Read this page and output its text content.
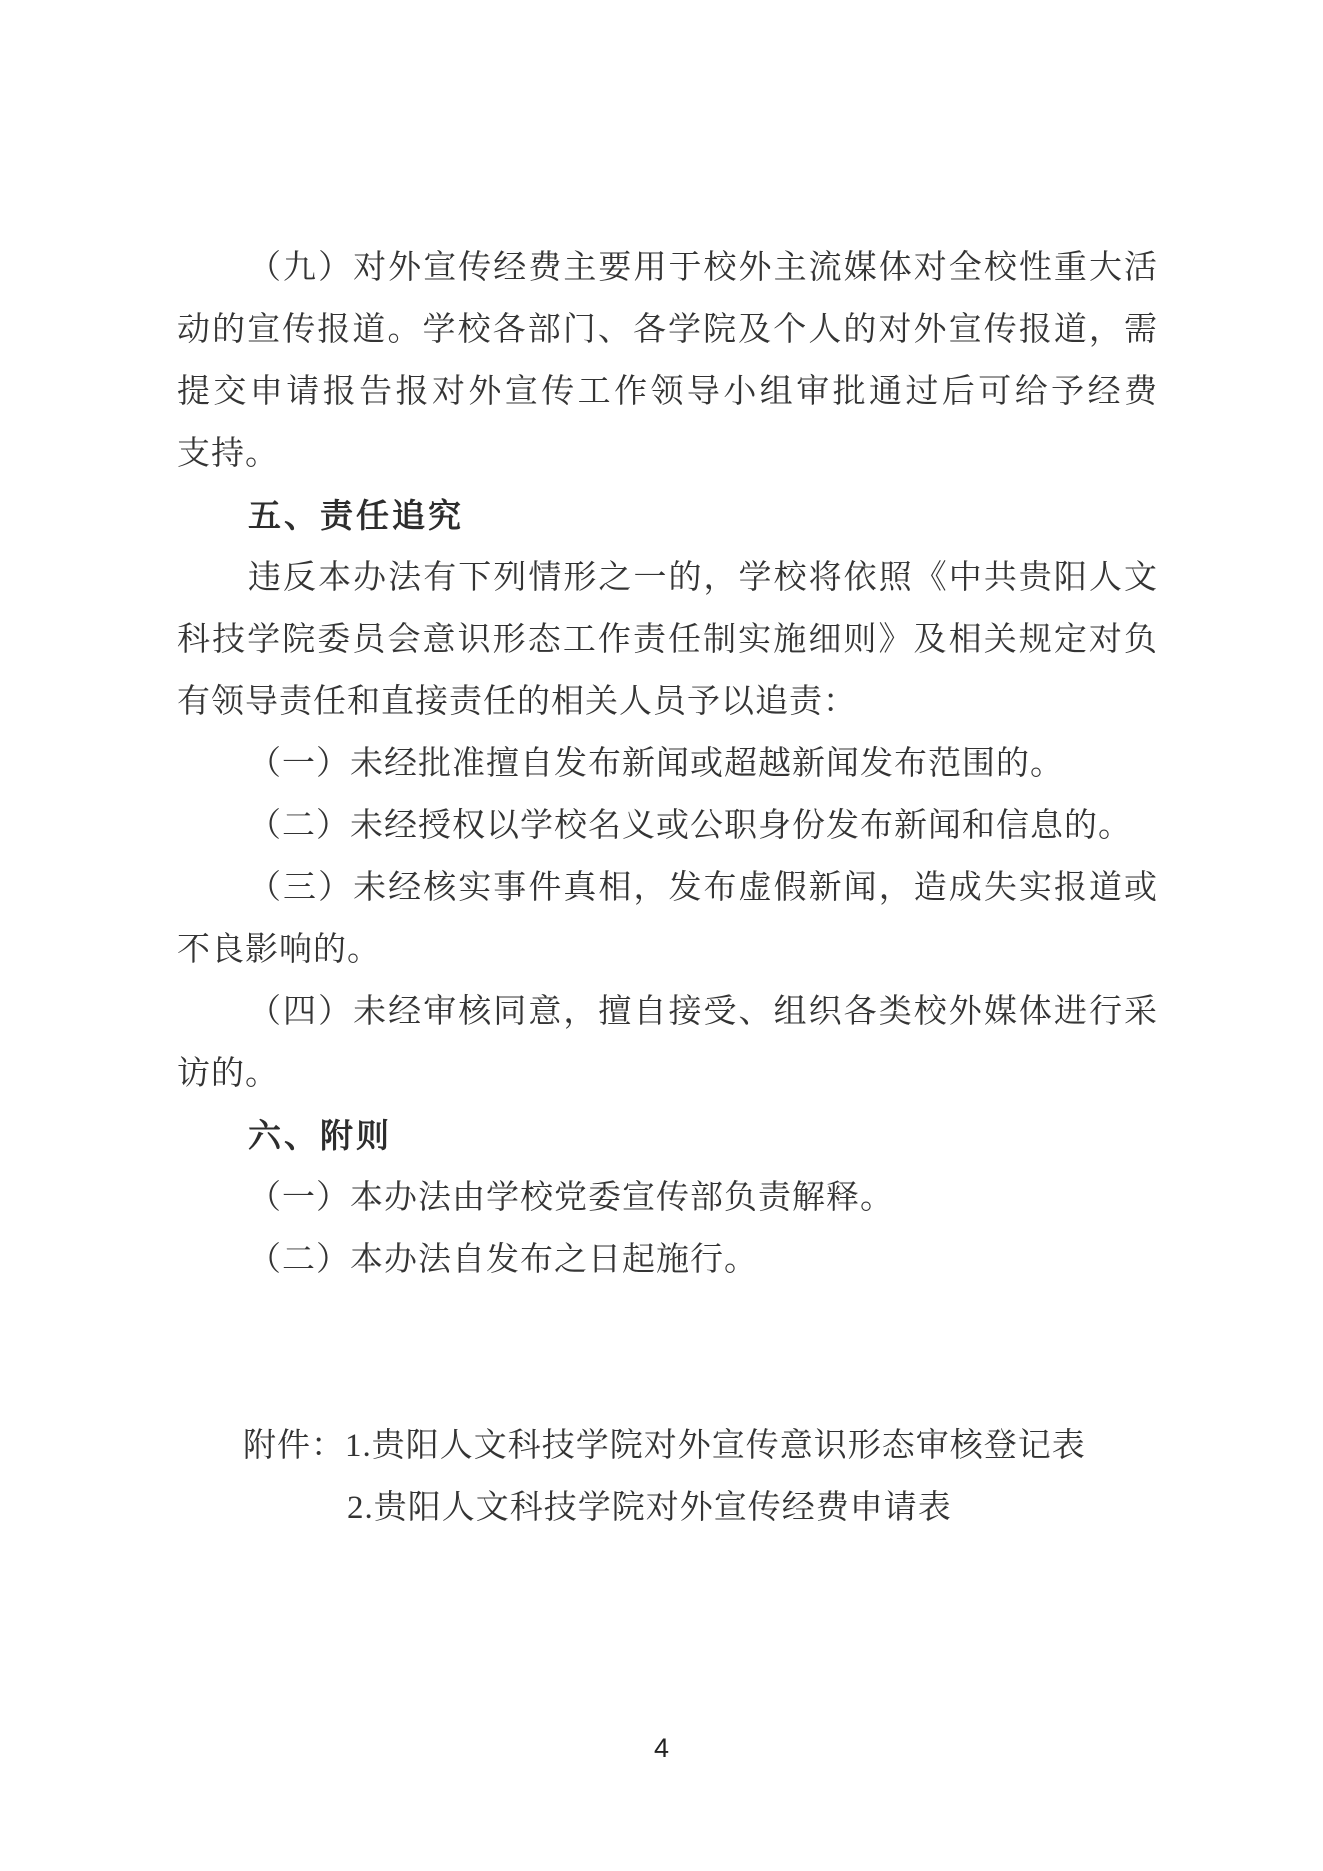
（九）对外宣传经费主要用于校外主流媒体对全校性重大活
动的宣传报道。学校各部门、各学院及个人的对外宣传报道，需
提交申请报告报对外宣传工作领导小组审批通过后可给予经费
支持。
五、责任追究
违反本办法有下列情形之一的，学校将依照《中共贵阳人文
科技学院委员会意识形态工作责任制实施细则》及相关规定对负
有领导责任和直接责任的相关人员予以追责：
（一）未经批准擅自发布新闻或超越新闻发布范围的。
（二）未经授权以学校名义或公职身份发布新闻和信息的。
（三）未经核实事件真相，发布虚假新闻，造成失实报道或
不良影响的。
（四）未经审核同意，擅自接受、组织各类校外媒体进行采
访的。
六、附则
（一）本办法由学校党委宣传部负责解释。
（二）本办法自发布之日起施行。
附件：1.贵阳人文科技学院对外宣传意识形态审核登记表
2.贵阳人文科技学院对外宣传经费申请表
4
